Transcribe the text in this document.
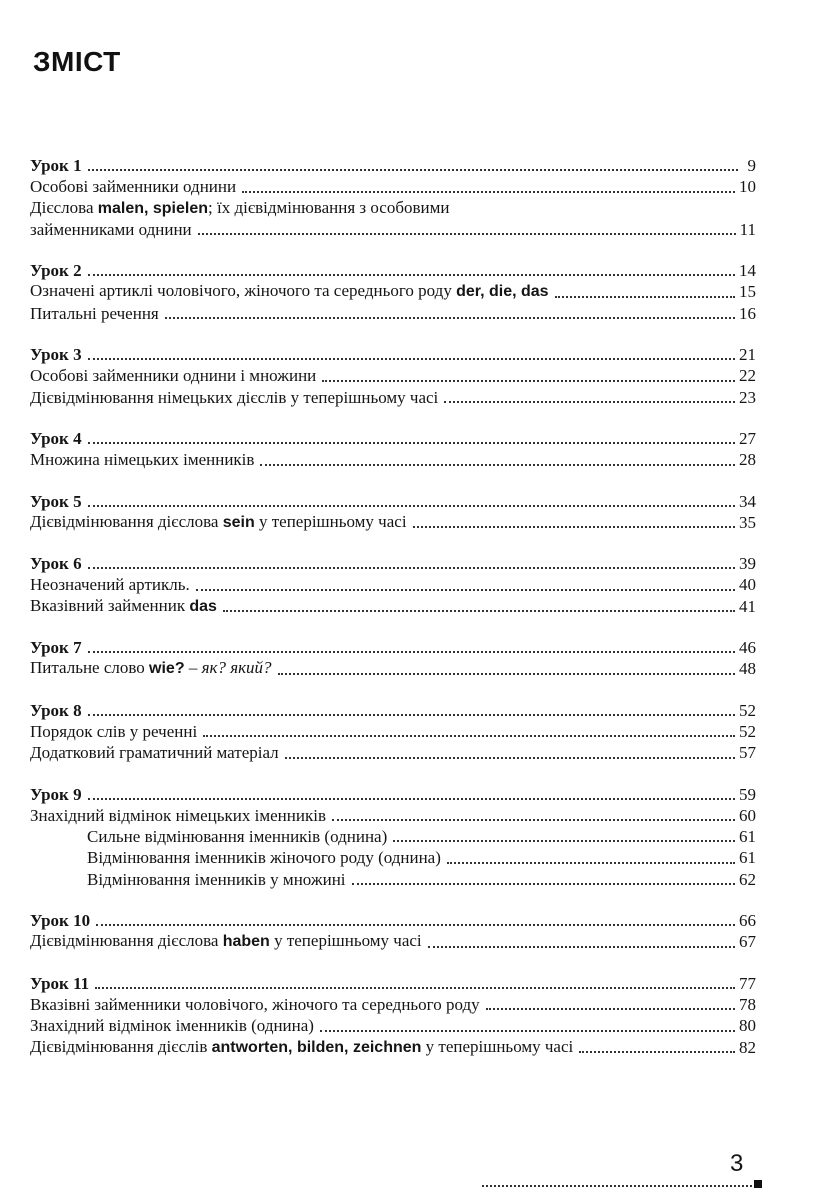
ЗМІСТ
Урок 1	9
Особові займенники однини	10
Дієслова malen, spielen; їх дієвідмінювання з особовими
займенниками однини	11
Урок 2	14
Означені артиклі чоловічого, жіночого та середнього роду der, die, das	15
Питальні речення	16
Урок 3	21
Особові займенники однини і множини	22
Дієвідмінювання німецьких дієслів у теперішньому часі	23
Урок 4	27
Множина німецьких іменників	28
Урок 5	34
Дієвідмінювання дієслова sein у теперішньому часі	35
Урок 6	39
Неозначений артикль.	40
Вказівний займенник das	41
Урок 7	46
Питальне слово wie? – як? який?	48
Урок 8	52
Порядок слів у реченні	52
Додатковий граматичний матеріал	57
Урок 9	59
Знахідний відмінок німецьких іменників	60
Сильне відмінювання іменників (однина)	61
Відмінювання іменників жіночого роду (однина)	61
Відмінювання іменників у множині	62
Урок 10	66
Дієвідмінювання дієслова haben у теперішньому часі	67
Урок 11	77
Вказівні займенники чоловічого, жіночого та середнього роду	78
Знахідний відмінок іменників (однина)	80
Дієвідмінювання дієслів antworten, bilden, zeichnen у теперішньому часі	82
3
